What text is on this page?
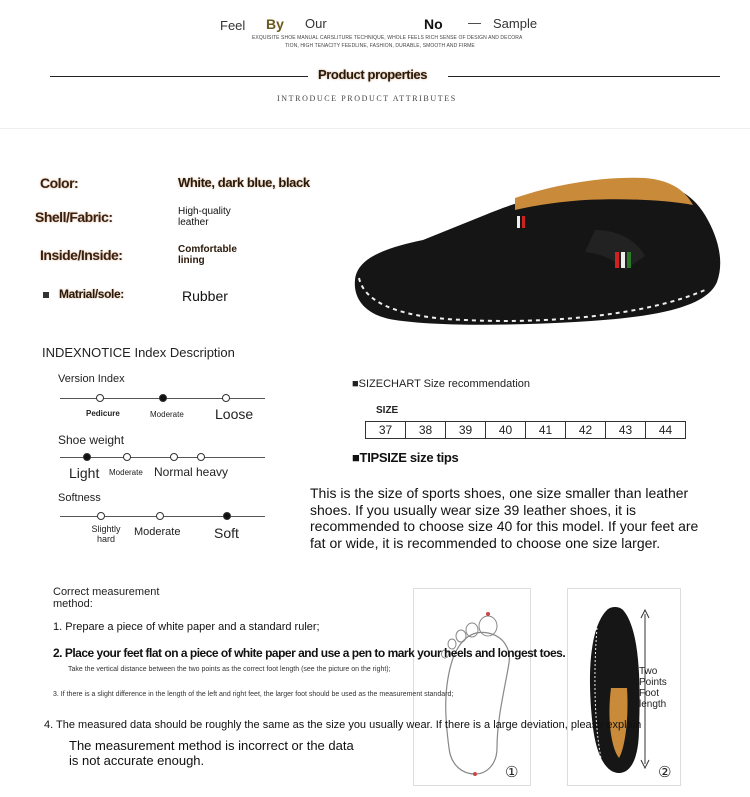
Feel By Our	No — Sample
EXQUISITE SHOE MANUAL CARSLITURE TECHNIQUE, WHOLE FEELS RICH SENSE OF DESIGN AND DECORA
TION, HIGH TENACITY FEEDLINE, FASHION, DURABLE, SMOOTH AND FIRME
Product properties
INTRODUCE PRODUCT ATTRIBUTES
Color:	White, dark blue, black
Shell/Fabric:	High-quality leather
Inside/Inside:	Comfortable lining
Matrial/sole:	Rubber
INDEXNOTICE Index Description
Version Index
Pedicure	Moderate Loose
Shoe weight
Light Moderate Normal heavy
Softness
Slightly hard
Moderate Soft
■SIZECHART Size recommendation
SIZE
37	38	39	40	41	42	43	44
■TIPSIZE size tips
This is the size of sports shoes, one size smaller than leather shoes. If you usually wear size 39 leather shoes, it is recommended to choose size 40 for this model. If your feet are fat or wide, it is recommended to choose one size larger.
①
Two Points Foot length
②
Correct measurement method:
1. Prepare a piece of white paper and a standard ruler;
2. Place your feet flat on a piece of white paper and use a pen to mark your heels and longest toes.
Take the vertical distance between the two points as the correct foot length (see the picture on the right);
3. If there is a slight difference in the length of the left and right feet, the larger foot should be used as the measurement standard;
4. The measured data should be roughly the same as the size you usually wear. If there is a large deviation, please explain
The measurement method is incorrect or the data is not accurate enough.
